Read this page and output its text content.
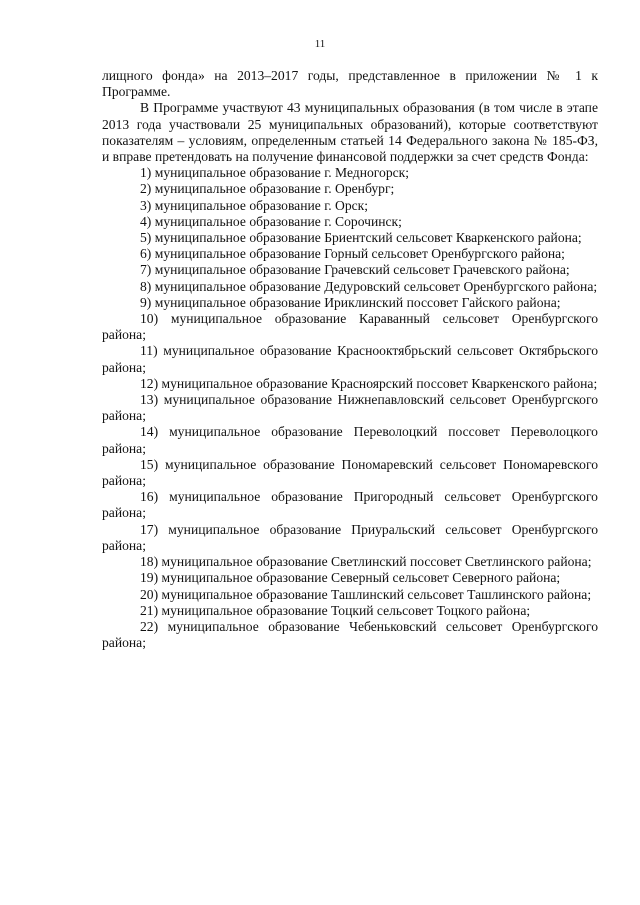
11

лищного фонда» на 2013–2017 годы, представленное в приложении № 1 к Программе.

В Программе участвуют 43 муниципальных образования (в том числе в этапе 2013 года участвовали 25 муниципальных образований), которые соответствуют показателям – условиям, определенным статьей 14 Федерального закона № 185-ФЗ, и вправе претендовать на получение финансовой поддержки за счет средств Фонда:

1) муниципальное образование г. Медногорск;

2) муниципальное образование г. Оренбург;

3) муниципальное образование г. Орск;

4) муниципальное образование г. Сорочинск;

5) муниципальное образование Бриентский сельсовет Кваркенского района;

6) муниципальное образование Горный сельсовет Оренбургского района;

7) муниципальное образование Грачевский сельсовет Грачевского района;

8) муниципальное образование Дедуровский сельсовет Оренбургского района;

9) муниципальное образование Ириклинский поссовет Гайского района;

10) муниципальное образование Караванный сельсовет Оренбургского района;

11) муниципальное образование Краснооктябрьский сельсовет Октябрьского района;

12) муниципальное образование Красноярский поссовет Кваркенского района;

13) муниципальное образование Нижнепавловский сельсовет Оренбургского района;

14) муниципальное образование Переволоцкий поссовет Переволоцкого района;

15) муниципальное образование Пономаревский сельсовет Пономаревского района;

16) муниципальное образование Пригородный сельсовет Оренбургского района;

17) муниципальное образование Приуральский сельсовет Оренбургского района;

18) муниципальное образование Светлинский поссовет Светлинского района;

19) муниципальное образование Северный сельсовет Северного района;

20) муниципальное образование Ташлинский сельсовет Ташлинского района;

21) муниципальное образование Тоцкий сельсовет Тоцкого района;

22) муниципальное образование Чебеньковский сельсовет Оренбургского района;
